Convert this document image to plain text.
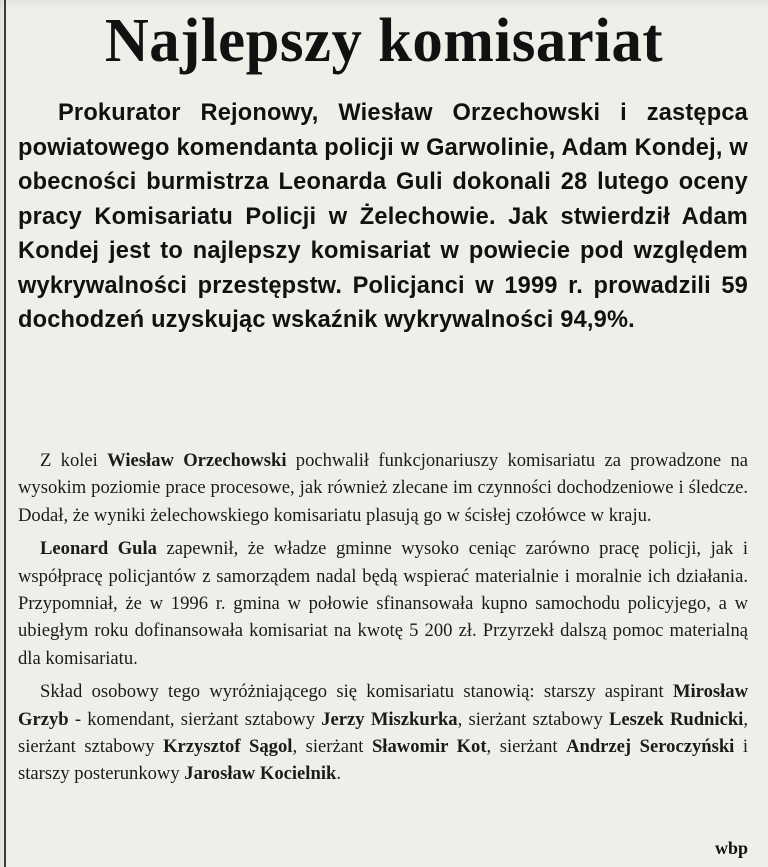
Najlepszy komisariat
Prokurator Rejonowy, Wiesław Orzechowski i zastępca powiatowego komendanta policji w Garwolinie, Adam Kondej, w obecności burmistrza Leonarda Guli dokonali 28 lutego oceny pracy Komisariatu Policji w Żelechowie. Jak stwierdził Adam Kondej jest to najlepszy komisariat w powiecie pod względem wykrywalności przestępstw. Policjanci w 1999 r. prowadzili 59 dochodzeń uzyskując wskaźnik wykrywalności 94,9%.

Z kolei Wiesław Orzechowski pochwalił funkcjonariuszy komisariatu za prowadzone na wysokim poziomie prace procesowe, jak również zlecane im czynności dochodzeniowe i śledcze. Dodał, że wyniki żelechowskiego komisariatu plasują go w ścisłej czołówce w kraju.

Leonard Gula zapewnił, że władze gminne wysoko ceniąc zarówno pracę policji, jak i współpracę policjantów z samorządem nadal będą wspierać materialnie i moralnie ich działania. Przypomniał, że w 1996 r. gmina w połowie sfinansowała kupno samochodu policyjego, a w ubiegłym roku dofinansowała komisariat na kwotę 5 200 zł. Przyrzekł dalszą pomoc materialną dla komisariatu.

Skład osobowy tego wyróżniającego się komisariatu stanowią: starszy aspirant Mirosław Grzyb - komendant, sierżant sztabowy Jerzy Miszkurka, sierżant sztabowy Leszek Rudnicki, sierżant sztabowy Krzysztof Sągol, sierżant Sławomir Kot, sierżant Andrzej Seroczyński i starszy posterunkowy Jarosław Kocielnik.

wbp
